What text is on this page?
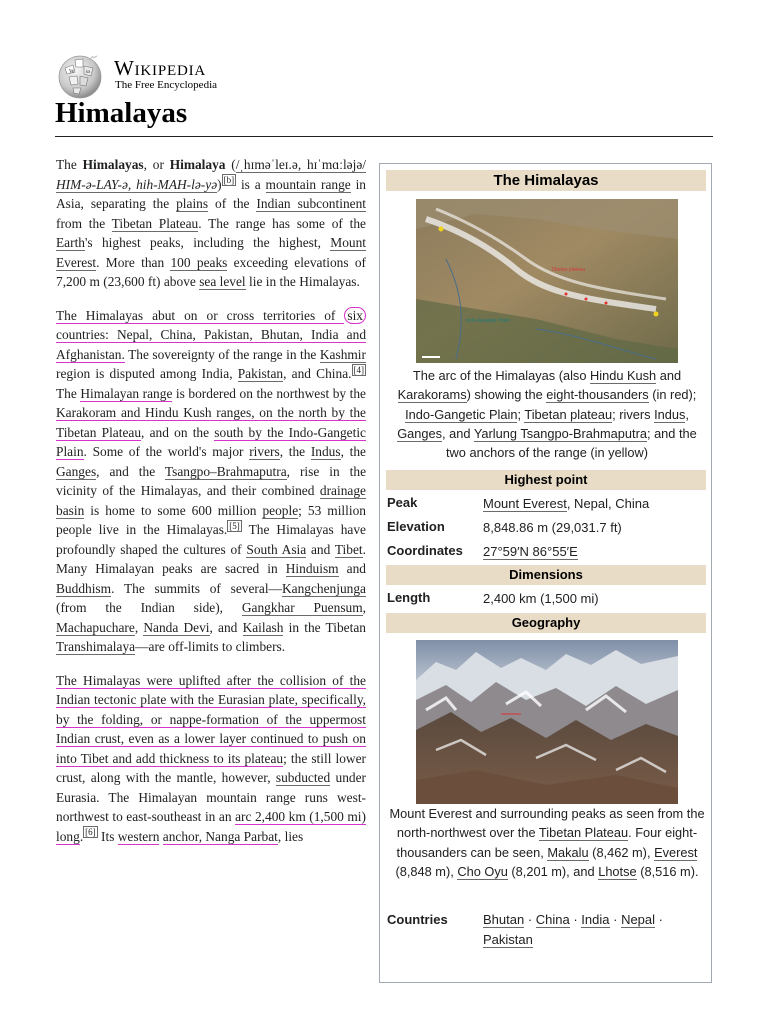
W ω Wikipedia
The Free Encyclopedia
Himalayas

The Himalayas, or Himalaya (/ˌhɪməˈleɪ.ə, hɪˈmɑːləjə/ HIM-ə-LAY-ə, hih-MAH-lə-yə) [b] is a mountain range in Asia, separating the plains of the Indian subcontinent from the Tibetan Plateau. The range has some of the Earth's highest peaks, including the highest, Mount Everest. More than 100 peaks exceeding elevations of 7,200 m (23,600 ft) above sea level lie in the Himalayas.

The Himalayas abut on or cross territories of six countries: Nepal, China, Pakistan, Bhutan, India and Afghanistan. The sovereignty of the range in the Kashmir region is disputed among India, Pakistan, and China. [4] The Himalayan range is bordered on the northwest by the Karakoram and Hindu Kush ranges, on the north by the Tibetan Plateau, and on the south by the Indo-Gangetic Plain. Some of the world's major rivers, the Indus, the Ganges, and the Tsangpo–Brahmaputra, rise in the vicinity of the Himalayas, and their combined drainage basin is home to some 600 million people; 53 million people live in the Himalayas. [5] The Himalayas have profoundly shaped the cultures of South Asia and Tibet. Many Himalayan peaks are sacred in Hinduism and Buddhism. The summits of several—Kangchenjunga (from the Indian side), Gangkhar Puensum, Machapuchare, Nanda Devi, and Kailash in the Tibetan Transhimalaya—are off-limits to climbers.

The Himalayas were uplifted after the collision of the Indian tectonic plate with the Eurasian plate, specifically, by the folding, or nappe-formation of the uppermost Indian crust, even as a lower layer continued to push on into Tibet and add thickness to its plateau; the still lower crust, along with the mantle, however, subducted under Eurasia. The Himalayan mountain range runs west-northwest to east-southeast in an arc 2,400 km (1,500 mi) long. [6] Its western anchor, Nanga Parbat, lies

The Himalayas
Tibetan plateau
Indo-Gangetic Plain
The arc of the Himalayas (also Hindu Kush and Karakorams) showing the eight-thousanders (in red); Indo-Gangetic Plain; Tibetan plateau; rivers Indus, Ganges, and Yarlung Tsangpo-Brahmaputra; and the two anchors of the range (in yellow)
Highest point
Peak	Mount Everest, Nepal, China
Elevation	8,848.86 m (29,031.7 ft)
Coordinates 27°59′N 86°55′E
Dimensions
Length	2,400 km (1,500 mi)
Geography
Mount Everest and surrounding peaks as seen from the north-northwest over the Tibetan Plateau. Four eight-thousanders can be seen, Makalu (8,462 m), Everest (8,848 m), Cho Oyu (8,201 m), and Lhotse (8,516 m).
Countries	Bhutan · China · India · Nepal · Pakistan
